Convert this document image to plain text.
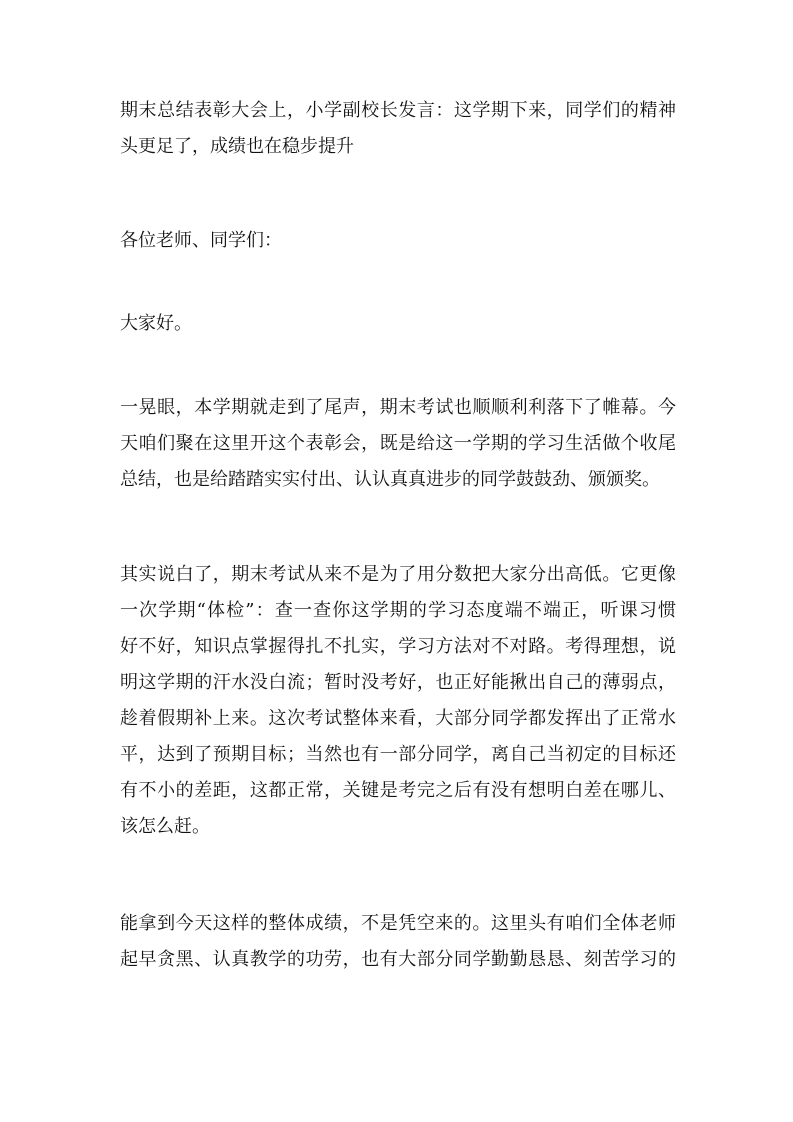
期末总结表彰大会上，小学副校长发言：这学期下来，同学们的精神
头更足了，成绩也在稳步提升
各位老师、同学们：
大家好。
一晃眼，本学期就走到了尾声，期末考试也顺顺利利落下了帷幕。今
天咱们聚在这里开这个表彰会，既是给这一学期的学习生活做个收尾
总结，也是给踏踏实实付出、认认真真进步的同学鼓鼓劲、颁颁奖。
其实说白了，期末考试从来不是为了用分数把大家分出高低。它更像
一次学期“体检”：查一查你这学期的学习态度端不端正，听课习惯
好不好，知识点掌握得扎不扎实，学习方法对不对路。考得理想，说
明这学期的汗水没白流；暂时没考好，也正好能揪出自己的薄弱点，
趁着假期补上来。这次考试整体来看，大部分同学都发挥出了正常水
平，达到了预期目标；当然也有一部分同学，离自己当初定的目标还
有不小的差距，这都正常，关键是考完之后有没有想明白差在哪儿、
该怎么赶。
能拿到今天这样的整体成绩，不是凭空来的。这里头有咱们全体老师
起早贪黑、认真教学的功劳，也有大部分同学勤勤恳恳、刻苦学习的
